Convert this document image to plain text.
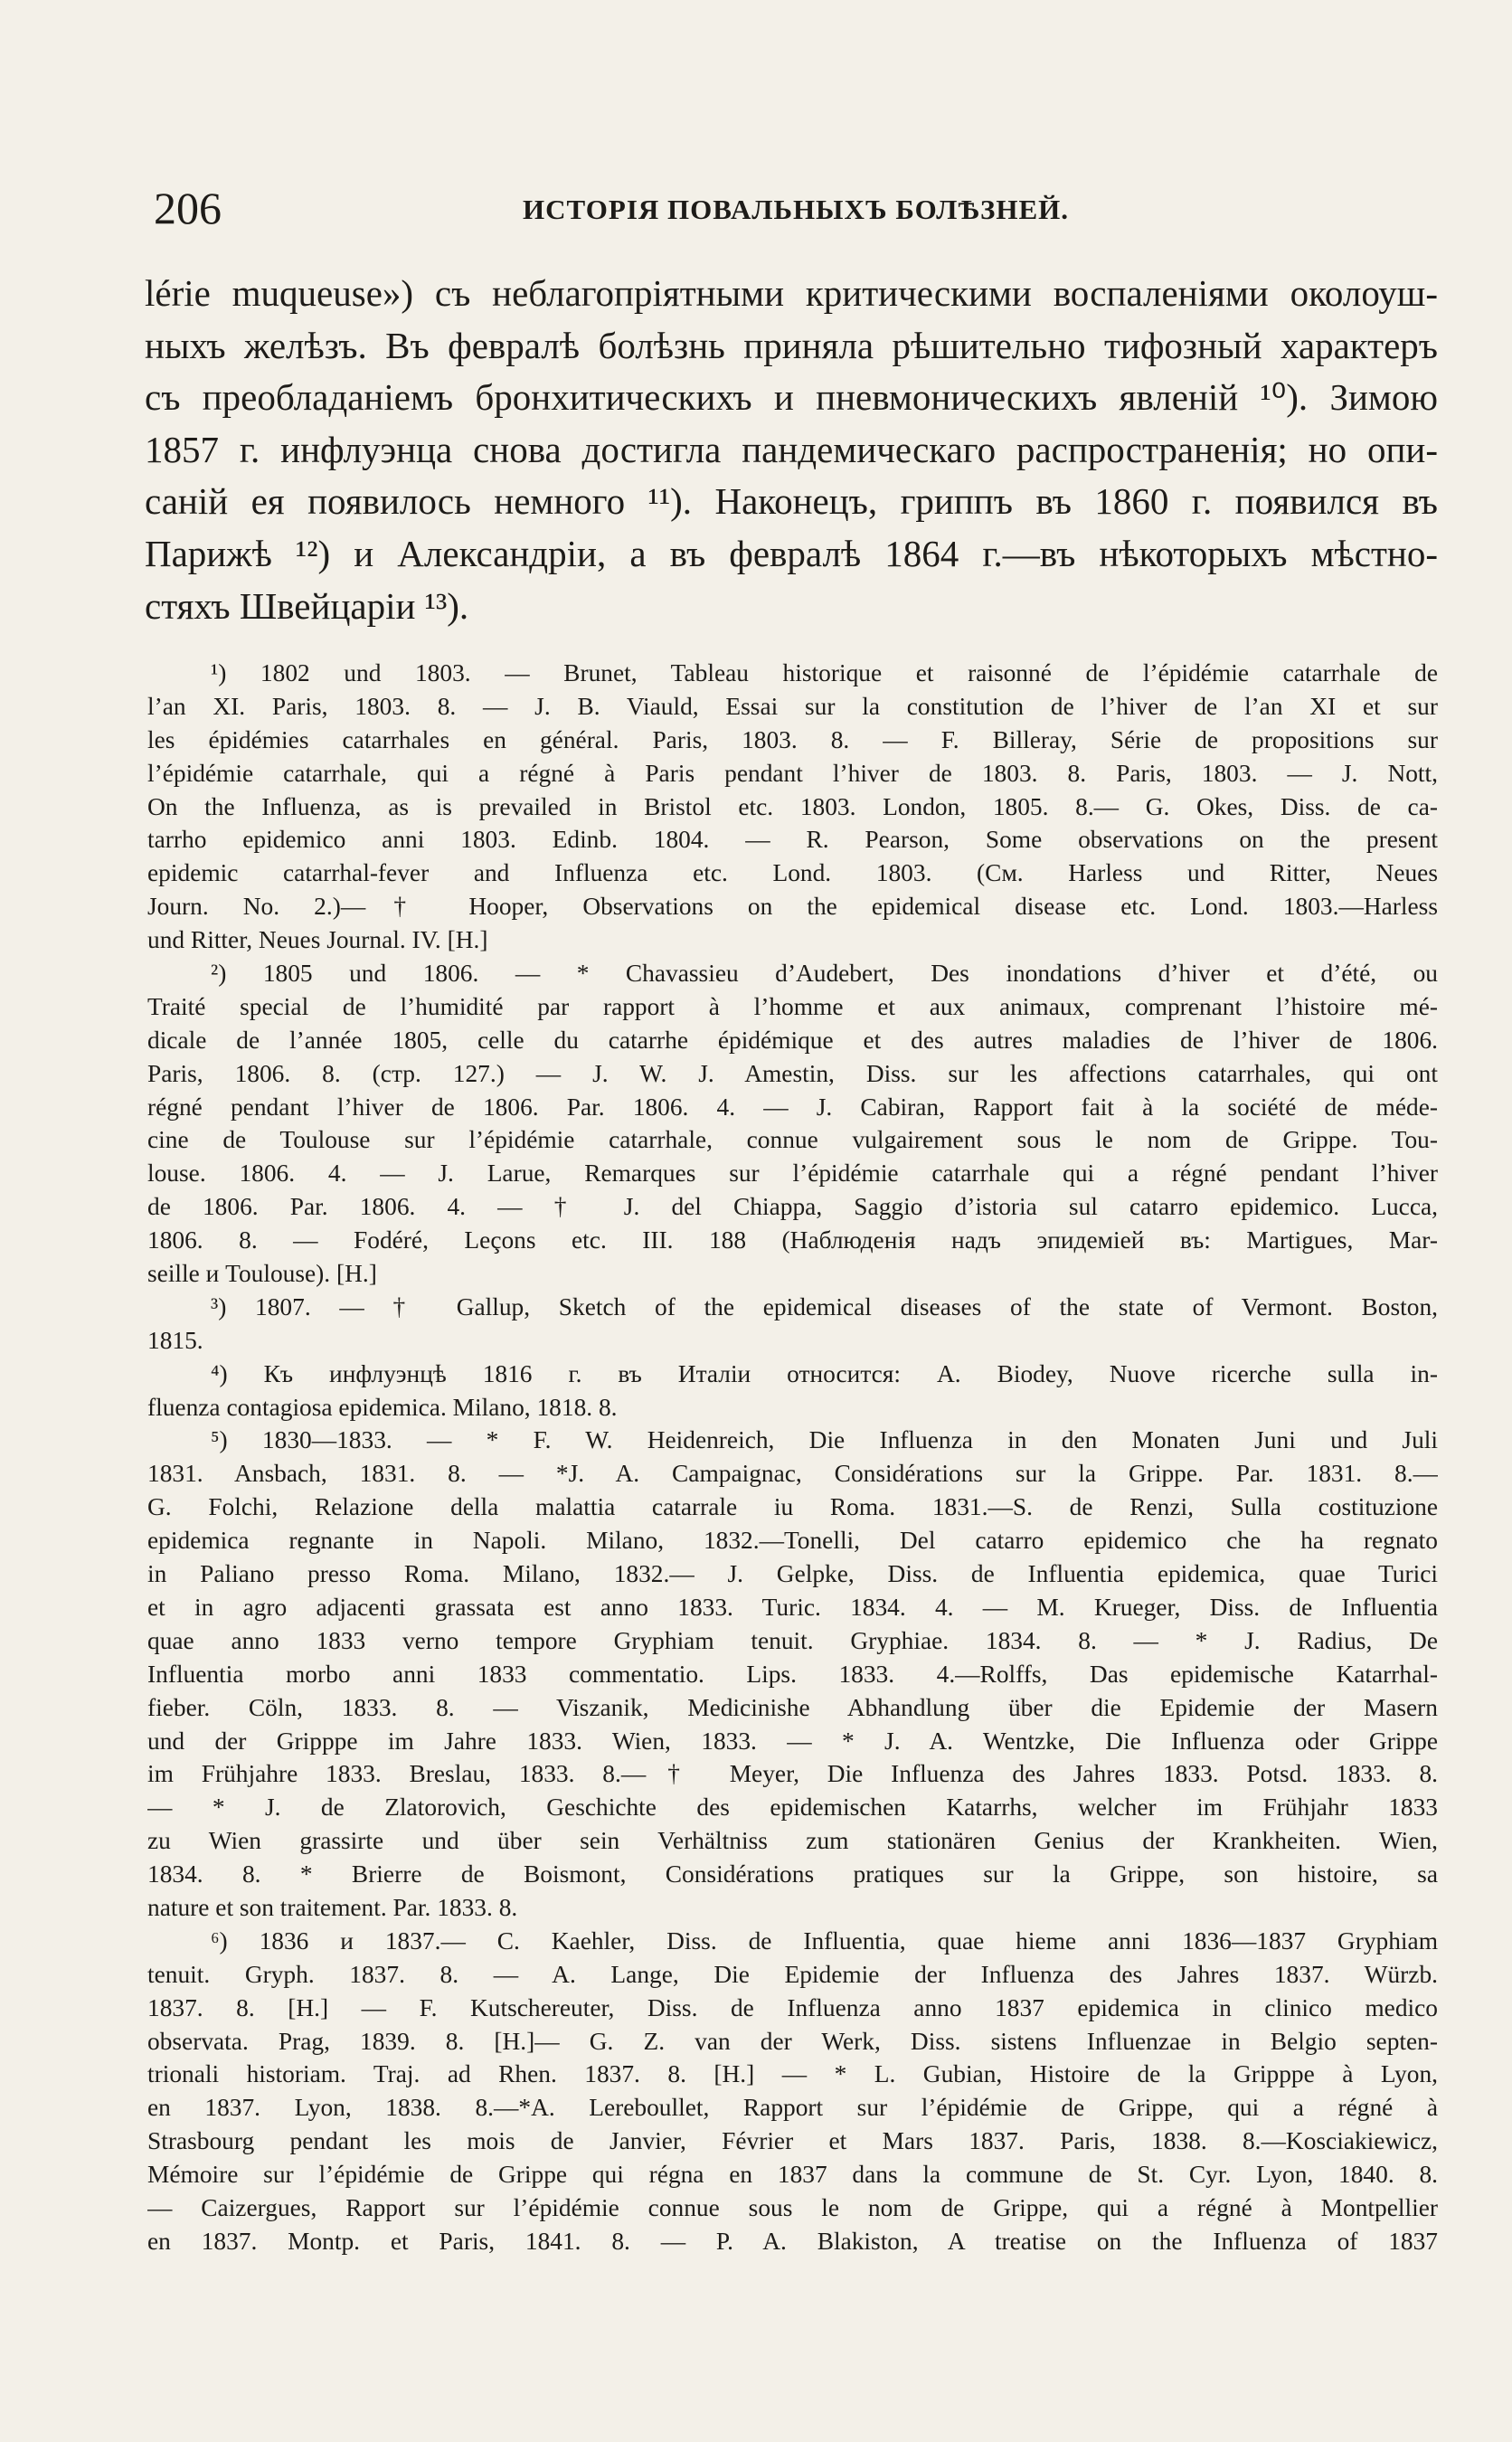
206	ИСТОРІЯ ПОВАЛЬНЫХЪ БОЛѢЗНЕЙ.
lérie muqueuse») съ неблагопріятными критическими воспаленіями околоуш-
ныхъ желѣзъ. Въ февралѣ болѣзнь приняла рѣшительно тифозный характеръ
съ преобладаніемъ бронхитическихъ и пневмоническихъ явленій ¹⁰). Зимою
1857 г. инфлуэнца снова достигла пандемическаго распространенія; но опи-
саній ея появилось немного ¹¹). Наконецъ, гриппъ въ 1860 г. появился въ
Парижѣ ¹²) и Александріи, а въ февралѣ 1864 г.—въ нѣкоторыхъ мѣстно-
стяхъ Швейцаріи ¹³).
¹) 1802 und 1803. — Brunet, Tableau historique et raisonné de l’épidémie catarrhale de
l’an XI. Paris, 1803. 8. — J. B. Viauld, Essai sur la constitution de l’hiver de l’an XI et sur
les épidémies catarrhales en général. Paris, 1803. 8. — F. Billeray, Série de propositions sur
l’épidémie catarrhale, qui a régné à Paris pendant l’hiver de 1803. 8. Paris, 1803. — J. Nott,
On the Influenza, as is prevailed in Bristol etc. 1803. London, 1805. 8.— G. Okes, Diss. de ca-
tarrho epidemico anni 1803. Edinb. 1804. — R. Pearson, Some observations on the present
epidemic catarrhal-fever and Influenza etc. Lond. 1803. (См. Harless und Ritter, Neues
Journ. No. 2.)—† Hooper, Observations on the epidemical disease etc. Lond. 1803.—Harless
und Ritter, Neues Journal. IV. [H.]
²) 1805 und 1806. — * Chavassieu d’Audebert, Des inondations d’hiver et d’été, ou
Traité special de l’humidité par rapport à l’homme et aux animaux, comprenant l’histoire mé-
dicale de l’année 1805, celle du catarrhe épidémique et des autres maladies de l’hiver de 1806.
Paris, 1806. 8. (стр. 127.) — J. W. J. Amestin, Diss. sur les affections catarrhales, qui ont
régné pendant l’hiver de 1806. Par. 1806. 4. — J. Cabiran, Rapport fait à la société de méde-
cine de Toulouse sur l’épidémie catarrhale, connue vulgairement sous le nom de Grippe. Tou-
louse. 1806. 4. — J. Larue, Remarques sur l’épidémie catarrhale qui a régné pendant l’hiver
de 1806. Par. 1806. 4. — † J. del Chiappa, Saggio d’istoria sul catarro epidemico. Lucca,
1806. 8. — Fodéré, Leçons etc. III. 188 (Наблюденія надъ эпидеміей въ: Martigues, Mar-
seille и Toulouse). [H.]
³) 1807. — † Gallup, Sketch of the epidemical diseases of the state of Vermont. Boston,
1815.
⁴) Къ инфлуэнцѣ 1816 г. въ Италіи относится: A. Biodey, Nuove ricerche sulla in-
fluenza contagiosa epidemica. Milano, 1818. 8.
⁵) 1830—1833. — * F. W. Heidenreich, Die Influenza in den Monaten Juni und Juli
1831. Ansbach, 1831. 8. — *J. A. Campaignac, Considérations sur la Grippe. Par. 1831. 8.—
G. Folchi, Relazione della malattia catarrale iu Roma. 1831.—S. de Renzi, Sulla costituzione
epidemica regnante in Napoli. Milano, 1832.—Tonelli, Del catarro epidemico che ha regnato
in Paliano presso Roma. Milano, 1832.— J. Gelpke, Diss. de Influentia epidemica, quae Turici
et in agro adjacenti grassata est anno 1833. Turic. 1834. 4. — M. Krueger, Diss. de Influentia
quae anno 1833 verno tempore Gryphiam tenuit. Gryphiae. 1834. 8. — * J. Radius, De
Influentia morbo anni 1833 commentatio. Lips. 1833. 4.—Rolffs, Das epidemische Katarrhal-
fieber. Cöln, 1833. 8. — Viszanik, Medicinishe Abhandlung über die Epidemie der Masern
und der Gripppe im Jahre 1833. Wien, 1833. — * J. A. Wentzke, Die Influenza oder Grippe
im Frühjahre 1833. Breslau, 1833. 8.—† Meyer, Die Influenza des Jahres 1833. Potsd. 1833. 8.
— * J. de Zlatorovich, Geschichte des epidemischen Katarrhs, welcher im Frühjahr 1833
zu Wien grassirte und über sein Verhältniss zum stationären Genius der Krankheiten. Wien,
1834. 8. * Brierre de Boismont, Considérations pratiques sur la Grippe, son histoire, sa
nature et son traitement. Par. 1833. 8.
⁶) 1836 и 1837.— C. Kaehler, Diss. de Influentia, quae hieme anni 1836—1837 Gryphiam
tenuit. Gryph. 1837. 8. — A. Lange, Die Epidemie der Influenza des Jahres 1837. Würzb.
1837. 8. [H.] — F. Kutschereuter, Diss. de Influenza anno 1837 epidemica in clinico medico
observata. Prag, 1839. 8. [H.]— G. Z. van der Werk, Diss. sistens Influenzae in Belgio septen-
trionali historiam. Traj. ad Rhen. 1837. 8. [H.] — * L. Gubian, Histoire de la Gripppe à Lyon,
en 1837. Lyon, 1838. 8.—*A. Lereboullet, Rapport sur l’épidémie de Grippe, qui a régné à
Strasbourg pendant les mois de Janvier, Février et Mars 1837. Paris, 1838. 8.—Kosciakiewicz,
Mémoire sur l’épidémie de Grippe qui régna en 1837 dans la commune de St. Cyr. Lyon, 1840. 8.
— Caizergues, Rapport sur l’épidémie connue sous le nom de Grippe, qui a régné à Montpellier
en 1837. Montp. et Paris, 1841. 8. — P. A. Blakiston, A treatise on the Influenza of 1837
